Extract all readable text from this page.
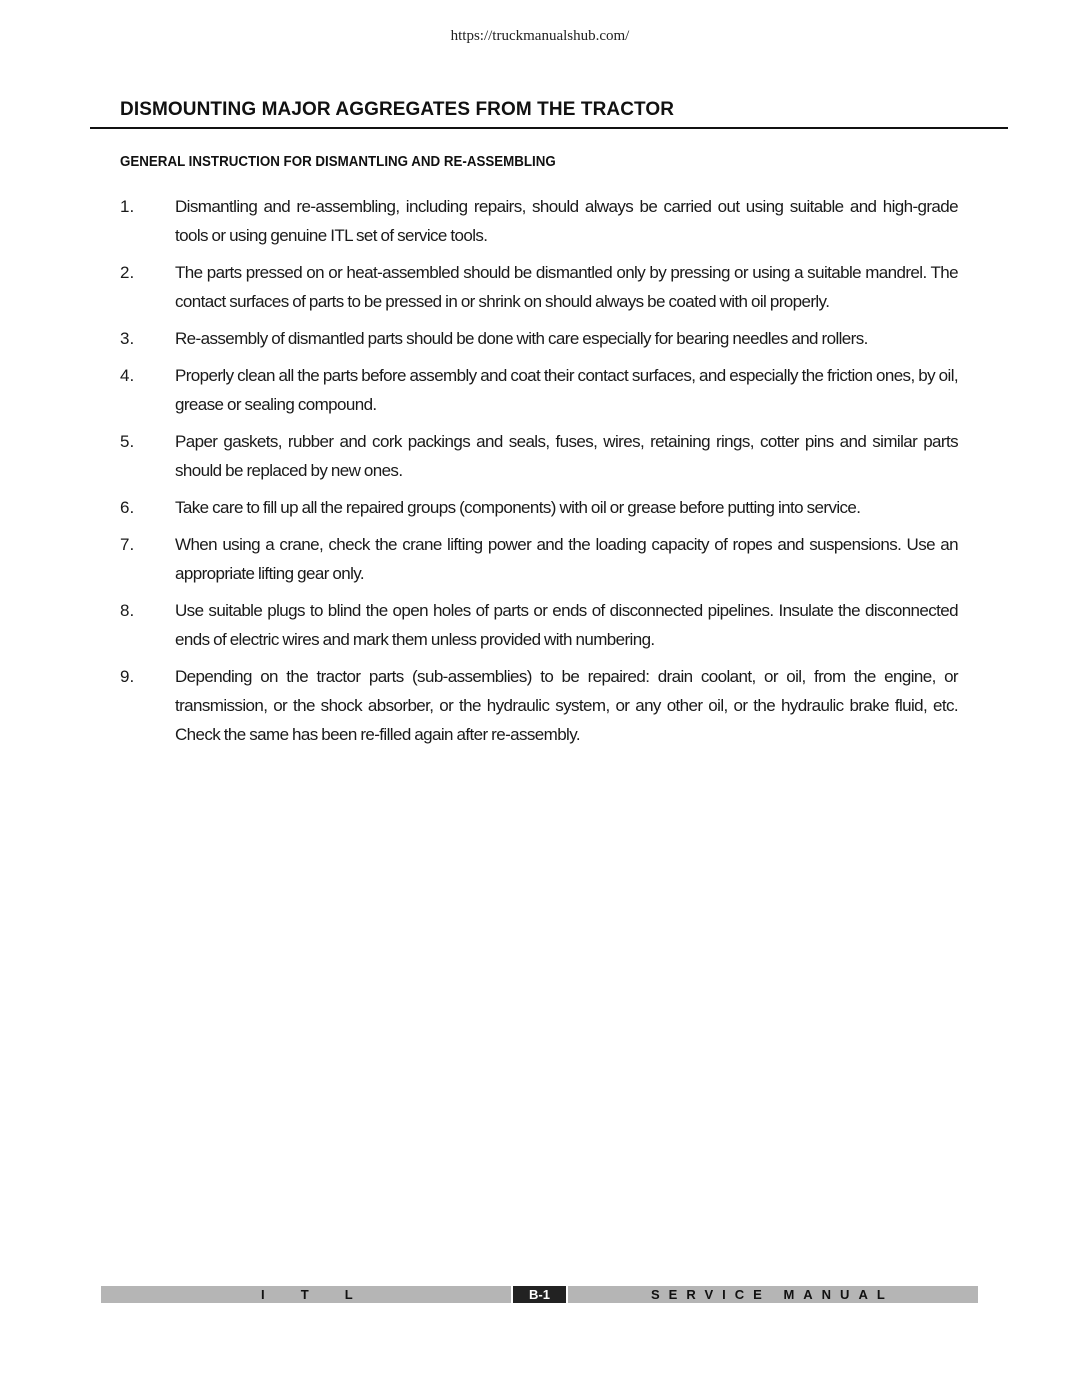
https://truckmanualshub.com/
DISMOUNTING MAJOR AGGREGATES FROM THE TRACTOR
GENERAL INSTRUCTION FOR DISMANTLING AND RE-ASSEMBLING
1.	Dismantling and re-assembling, including repairs, should always be carried out using suitable and high-grade tools or using genuine ITL set of service tools.
2.	The parts pressed on or heat-assembled should be dismantled only by pressing or using a suitable mandrel. The contact surfaces of parts to be pressed in or shrink on should always be coated with oil properly.
3.	Re-assembly of dismantled parts should be done with care especially for bearing needles and rollers.
4.	Properly clean all the parts before assembly and coat their contact surfaces, and especially the friction ones, by oil, grease or sealing compound.
5.	Paper gaskets, rubber and cork packings and seals, fuses, wires, retaining rings, cotter pins and similar parts should be replaced by new ones.
6.	Take care to fill up all the repaired groups (components) with oil or grease before putting into service.
7.	When using a crane, check the crane lifting power and the loading capacity of ropes and suspensions. Use an appropriate lifting gear only.
8.	Use suitable plugs to blind the open holes of parts or ends of disconnected pipelines. Insulate the disconnected ends of electric wires and mark them unless provided with numbering.
9.	Depending on the tractor parts (sub-assemblies) to be repaired: drain coolant, or oil, from the engine, or transmission, or the shock absorber, or the hydraulic system, or any other oil, or the hydraulic brake fluid, etc. Check the same has been re-filled again after re-assembly.
I          T          L	B-1	SERVICE MANUAL
